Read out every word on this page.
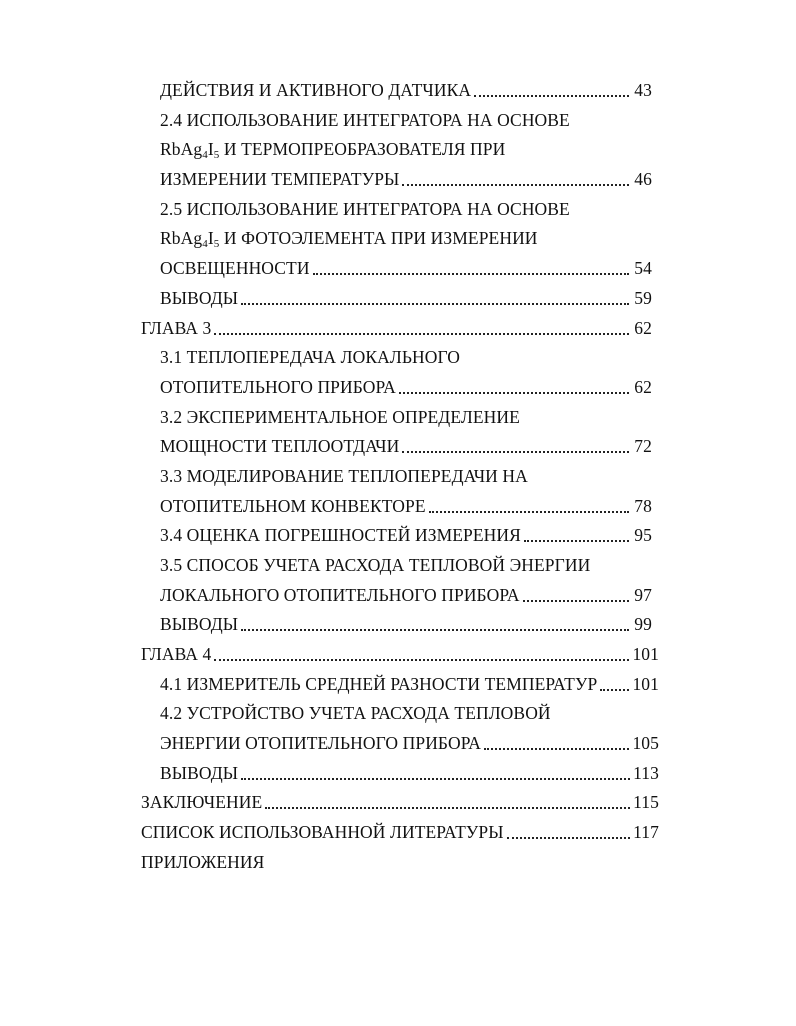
ДЕЙСТВИЯ И АКТИВНОГО ДАТЧИКА	43
2.4 ИСПОЛЬЗОВАНИЕ ИНТЕГРАТОРА НА ОСНОВЕ
$RbAg_4I_5$ И ТЕРМОПРЕОБРАЗОВАТЕЛЯ ПРИ
ИЗМЕРЕНИИ ТЕМПЕРАТУРЫ	46
2.5 ИСПОЛЬЗОВАНИЕ ИНТЕГРАТОРА НА ОСНОВЕ
$RbAg_4I_5$ И ФОТОЭЛЕМЕНТА ПРИ ИЗМЕРЕНИИ
ОСВЕЩЕННОСТИ	54
ВЫВОДЫ	59
ГЛАВА 3	62
3.1 ТЕПЛОПЕРЕДАЧА ЛОКАЛЬНОГО
ОТОПИТЕЛЬНОГО ПРИБОРА	62
3.2 ЭКСПЕРИМЕНТАЛЬНОЕ ОПРЕДЕЛЕНИЕ
МОЩНОСТИ ТЕПЛООТДАЧИ	72
3.3 МОДЕЛИРОВАНИЕ ТЕПЛОПЕРЕДАЧИ НА
ОТОПИТЕЛЬНОМ КОНВЕКТОРЕ	78
3.4 ОЦЕНКА ПОГРЕШНОСТЕЙ ИЗМЕРЕНИЯ	95
3.5 СПОСОБ УЧЕТА РАСХОДА ТЕПЛОВОЙ ЭНЕРГИИ
ЛОКАЛЬНОГО ОТОПИТЕЛЬНОГО ПРИБОРА	97
ВЫВОДЫ	99
ГЛАВА 4	101
4.1 ИЗМЕРИТЕЛЬ СРЕДНЕЙ РАЗНОСТИ ТЕМПЕРАТУР 101
4.2 УСТРОЙСТВО УЧЕТА РАСХОДА ТЕПЛОВОЙ
ЭНЕРГИИ ОТОПИТЕЛЬНОГО ПРИБОРА	105
ВЫВОДЫ	113
ЗАКЛЮЧЕНИЕ	115
СПИСОК ИСПОЛЬЗОВАННОЙ ЛИТЕРАТУРЫ	117
ПРИЛОЖЕНИЯ
